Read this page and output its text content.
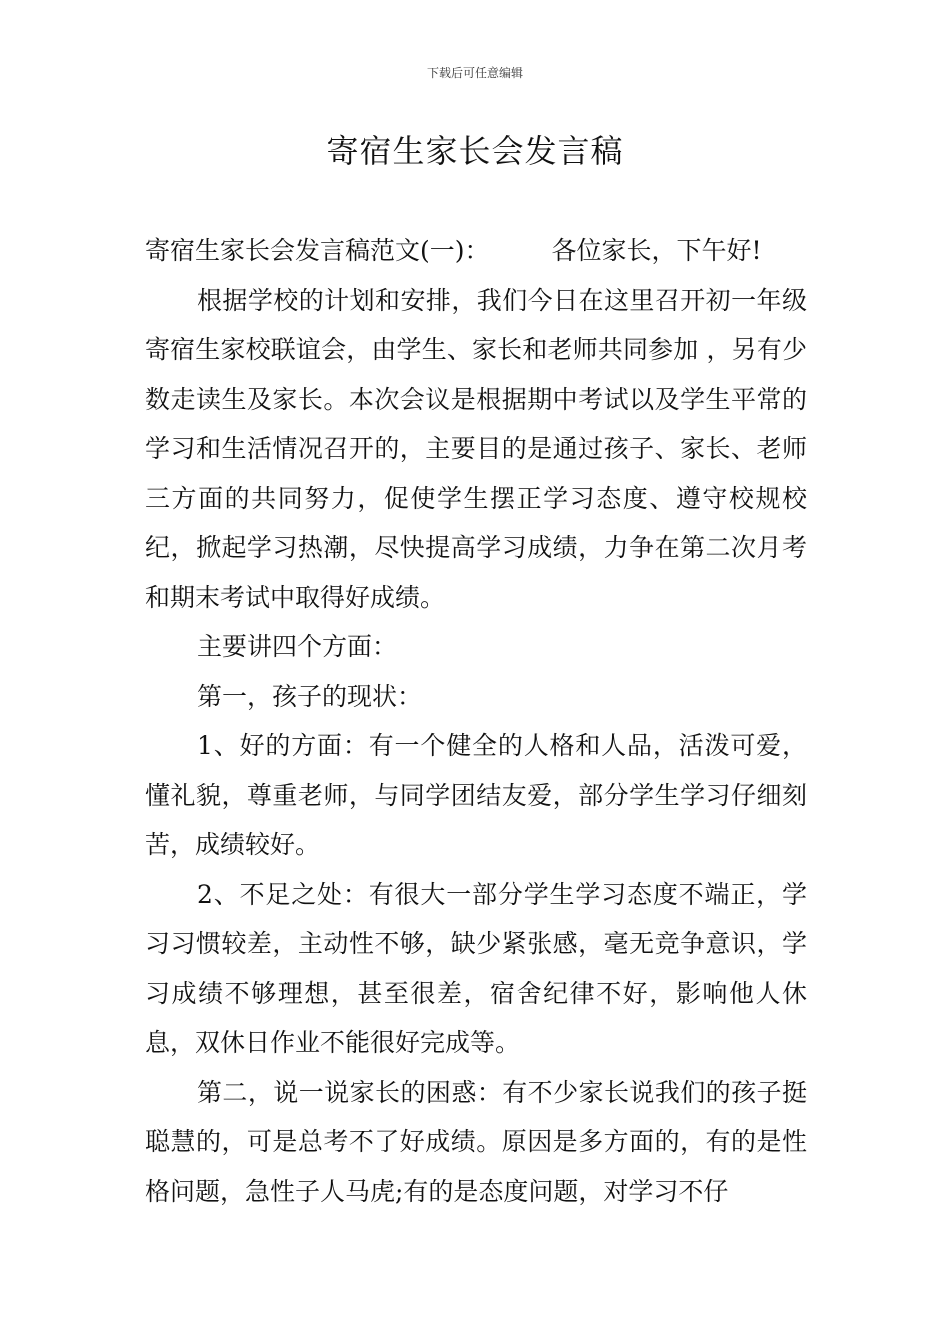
下载后可任意编辑
寄宿生家长会发言稿

寄宿生家长会发言稿范文(一)： 各位家长，下午好!

根据学校的计划和安排，我们今日在这里召开初一年级寄宿生家校联谊会，由学生、家长和老师共同参加 ，另有少数走读生及家长。本次会议是根据期中考试以及学生平常的学习和生活情况召开的，主要目的是通过孩子、家长、老师三方面的共同努力，促使学生摆正学习态度、遵守校规校纪，掀起学习热潮，尽快提高学习成绩，力争在第二次月考和期末考试中取得好成绩。

主要讲四个方面：

第一，孩子的现状：

1、好的方面：有一个健全的人格和人品，活泼可爱，懂礼貌，尊重老师，与同学团结友爱，部分学生学习仔细刻苦，成绩较好。

2、不足之处：有很大一部分学生学习态度不端正，学习习惯较差，主动性不够，缺少紧张感，毫无竞争意识，学习成绩不够理想，甚至很差，宿舍纪律不好，影响他人休息，双休日作业不能很好完成等。

第二，说一说家长的困惑：有不少家长说我们的孩子挺聪慧的，可是总考不了好成绩。原因是多方面的，有的是性格问题，急性子人马虎;有的是态度问题，对学习不仔
